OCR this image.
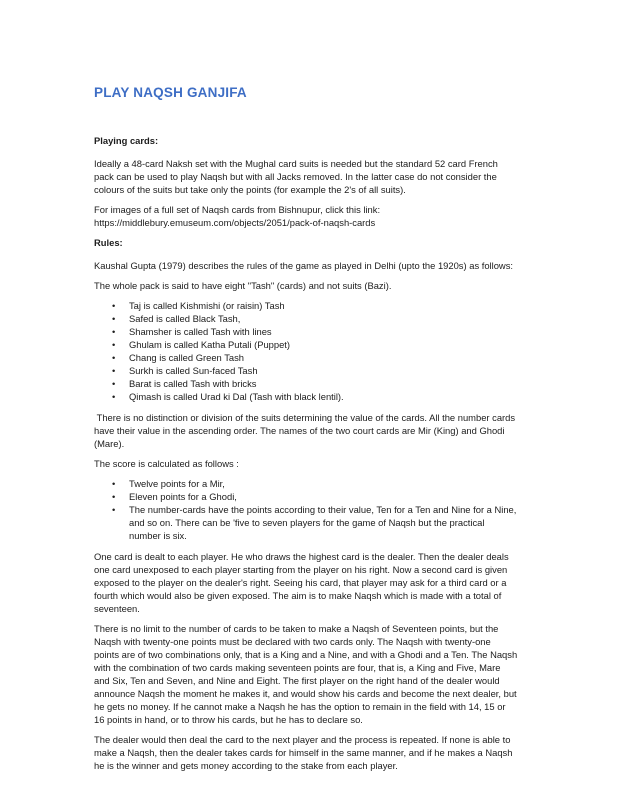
PLAY NAQSH GANJIFA
Playing cards:

Ideally a 48-card Naksh set with the Mughal card suits is needed but the standard 52 card French pack can be used to play Naqsh but with all Jacks removed. In the latter case do not consider the colours of the suits but take only the points (for example the 2's of all suits).

For images of a full set of Naqsh cards from Bishnupur, click this link:
https://middlebury.emuseum.com/objects/2051/pack-of-naqsh-cards

Rules:

Kaushal Gupta (1979) describes the rules of the game as played in Delhi (upto the 1920s) as follows:

The whole pack is said to have eight "Tash" (cards) and not suits (Bazi).

• Taj is called Kishmishi (or raisin) Tash
• Safed is called Black Tash,
• Shamsher is called Tash with lines
• Ghulam is called Katha Putali (Puppet)
• Chang is called Green Tash
• Surkh is called Sun-faced Tash
• Barat is called Tash with bricks
• Qimash is called Urad ki Dal (Tash with black lentil).

There is no distinction or division of the suits determining the value of the cards. All the number cards have their value in the ascending order. The names of the two court cards are Mir (King) and Ghodi (Mare).

The score is calculated as follows :

• Twelve points for a Mir,
• Eleven points for a Ghodi,
• The number-cards have the points according to their value, Ten for a Ten and Nine for a Nine, and so on. There can be 'five to seven players for the game of Naqsh but the practical number is six.

One card is dealt to each player. He who draws the highest card is the dealer. Then the dealer deals one card unexposed to each player starting from the player on his right. Now a second card is given exposed to the player on the dealer's right. Seeing his card, that player may ask for a third card or a fourth which would also be given exposed. The aim is to make Naqsh which is made with a total of seventeen.

There is no limit to the number of cards to be taken to make a Naqsh of Seventeen points, but the Naqsh with twenty-one points must be declared with two cards only. The Naqsh with twenty-one points are of two combinations only, that is a King and a Nine, and with a Ghodi and a Ten. The Naqsh with the combination of two cards making seventeen points are four, that is, a King and Five, Mare and Six, Ten and Seven, and Nine and Eight. The first player on the right hand of the dealer would announce Naqsh the moment he makes it, and would show his cards and become the next dealer, but he gets no money. If he cannot make a Naqsh he has the option to remain in the field with 14, 15 or 16 points in hand, or to throw his cards, but he has to declare so.

The dealer would then deal the card to the next player and the process is repeated. If none is able to make a Naqsh, then the dealer takes cards for himself in the same manner, and if he makes a Naqsh he is the winner and gets money according to the stake from each player.
